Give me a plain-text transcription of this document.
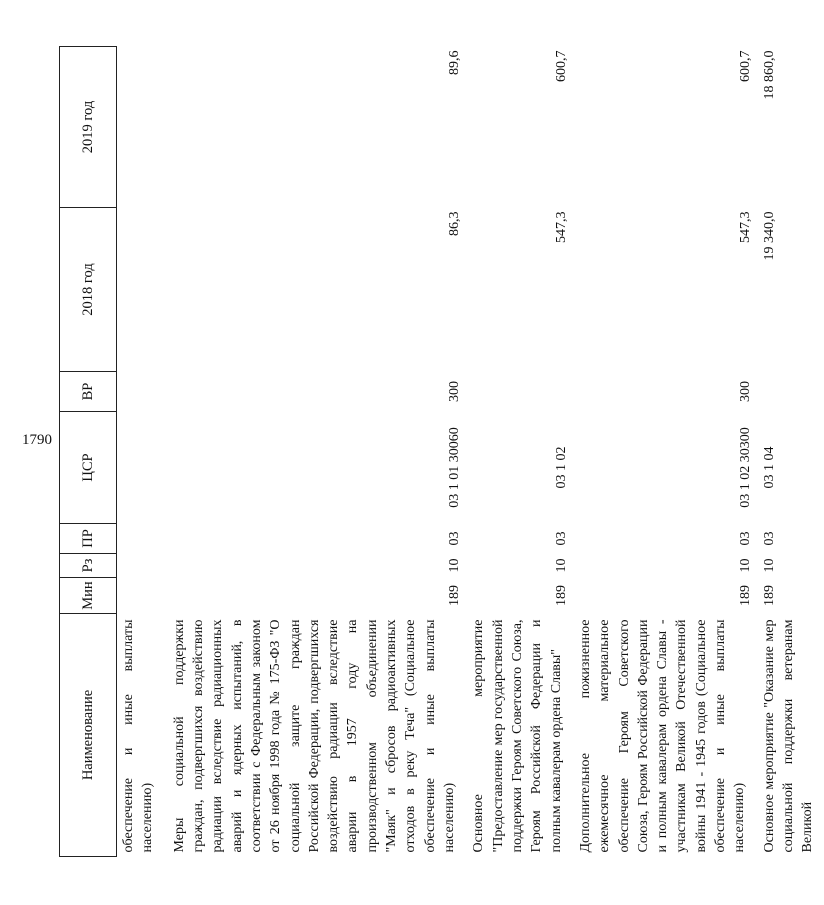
1790
Наименование	Мин	Рз	ПР	ЦСР	ВР	2018 год	2019 год
обеспечение и иные выплаты населению)							
Меры социальной поддержки граждан, подвергшихся воздействию радиации вследствие радиационных аварий и ядерных испытаний, в соответствии с Федеральным законом от 26 ноября 1998 года № 175-ФЗ "О социальной защите граждан Российской Федерации, подвергшихся воздействию радиации вследствие аварии в 1957 году на производственном объединении "Маяк" и сбросов радиоактивных отходов в реку Теча" (Социальное обеспечение и иные выплаты населению)	189	10	03	03 1 01 30060	300	86,3	89,6
Основное мероприятие "Предоставление мер государственной поддержки Героям Советского Союза, Героям Российской Федерации и полным кавалерам ордена Славы"	189	10	03	03 1 02		547,3	600,7
Дополнительное пожизненное ежемесячное материальное обеспечение Героям Советского Союза, Героям Российской Федерации и полным кавалерам ордена Славы - участникам Великой Отечественной войны 1941 - 1945 годов (Социальное обеспечение и иные выплаты населению)	189	10	03	03 1 02 30300	300	547,3	600,7
Основное мероприятие "Оказание мер социальной поддержки ветеранам Великой	189	10	03	03 1 04		19 340,0	18 860,0
